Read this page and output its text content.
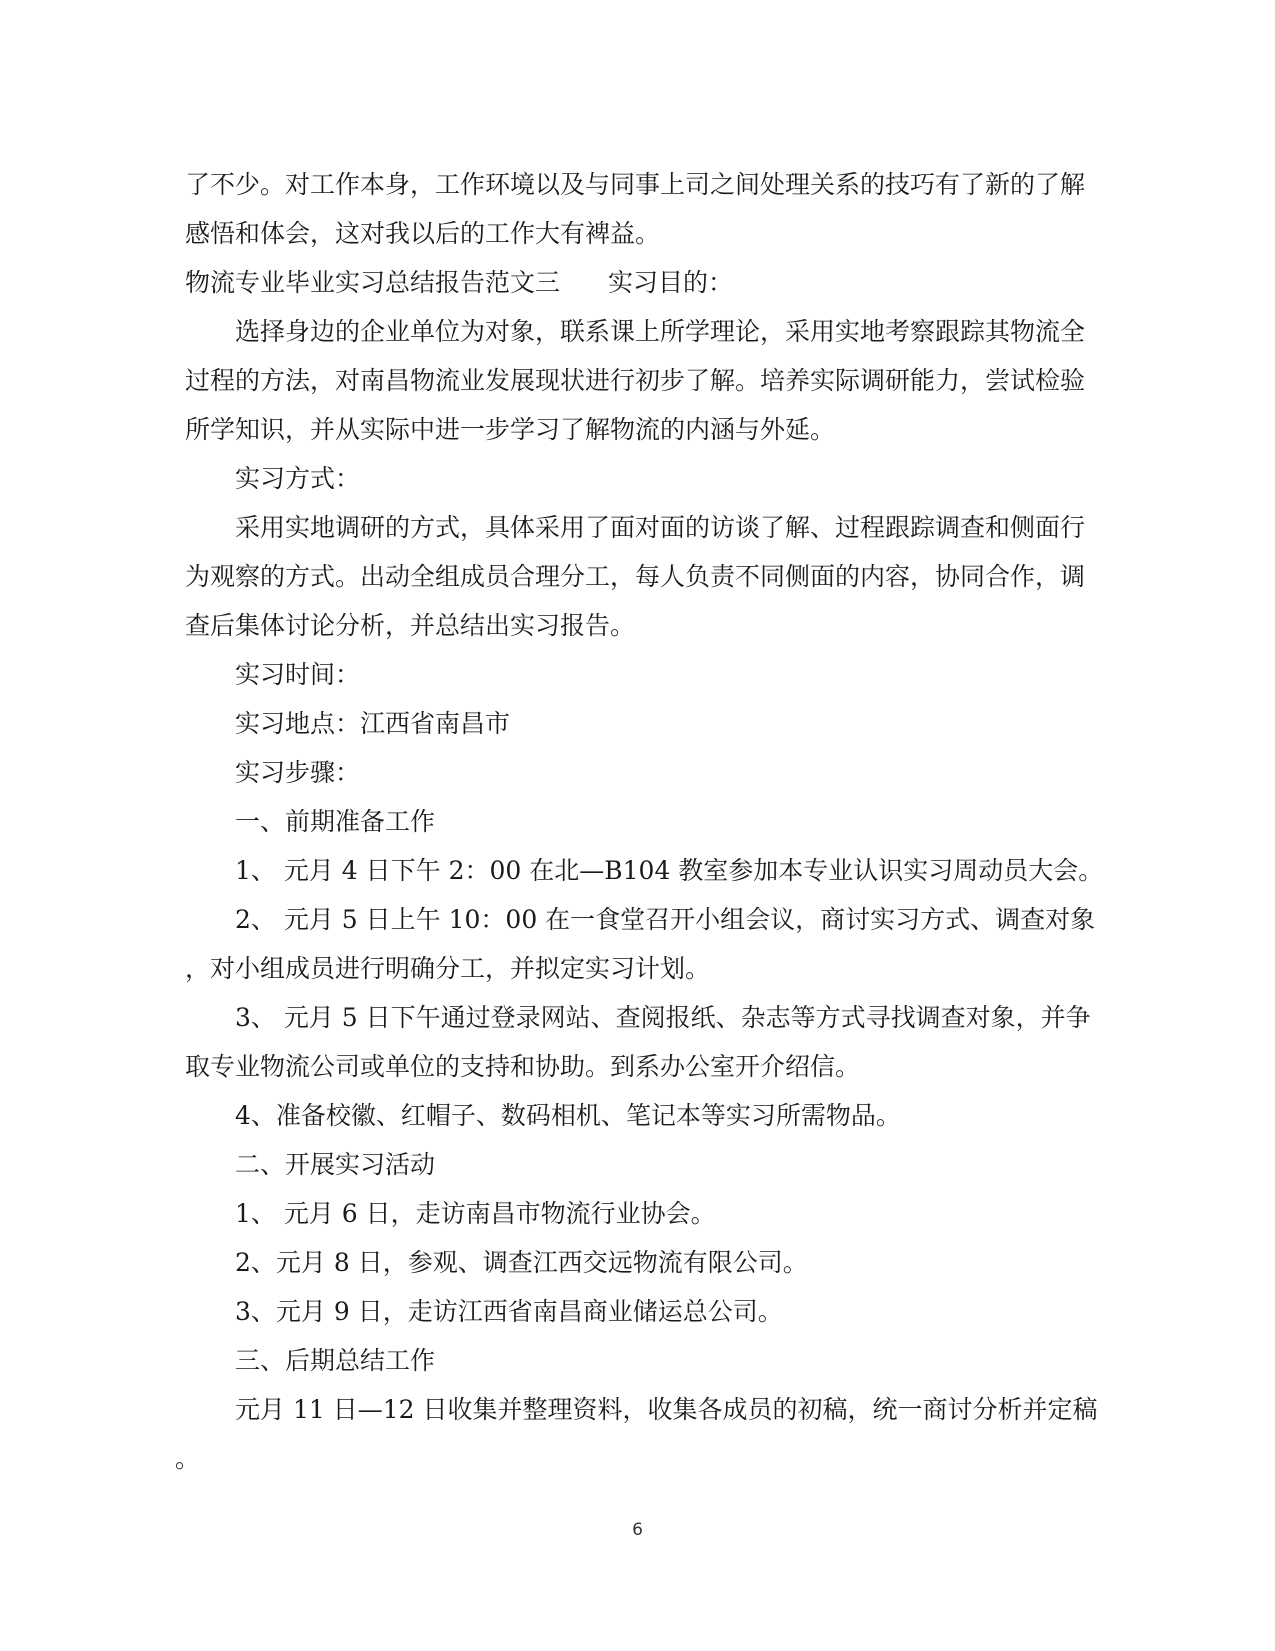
了不少。对工作本身，工作环境以及与同事上司之间处理关系的技巧有了新的了解
感悟和体会，这对我以后的工作大有裨益。
物流专业毕业实习总结报告范文三 实习目的：
选择身边的企业单位为对象，联系课上所学理论，采用实地考察跟踪其物流全
过程的方法，对南昌物流业发展现状进行初步了解。培养实际调研能力，尝试检验
所学知识，并从实际中进一步学习了解物流的内涵与外延。
实习方式：
采用实地调研的方式，具体采用了面对面的访谈了解、过程跟踪调查和侧面行
为观察的方式。出动全组成员合理分工，每人负责不同侧面的内容，协同合作，调
查后集体讨论分析，并总结出实习报告。
实习时间：
实习地点：江西省南昌市
实习步骤：
一、前期准备工作
1、 元月 4 日下午 2：00 在北—B104 教室参加本专业认识实习周动员大会。
2、 元月 5 日上午 10：00 在一食堂召开小组会议，商讨实习方式、调查对象
，对小组成员进行明确分工，并拟定实习计划。
3、 元月 5 日下午通过登录网站、查阅报纸、杂志等方式寻找调查对象，并争
取专业物流公司或单位的支持和协助。到系办公室开介绍信。
4、准备校徽、红帽子、数码相机、笔记本等实习所需物品。
二、开展实习活动
1、 元月 6 日，走访南昌市物流行业协会。
2、元月 8 日，参观、调查江西交远物流有限公司。
3、元月 9 日，走访江西省南昌商业储运总公司。
三、后期总结工作
元月 11 日—12 日收集并整理资料，收集各成员的初稿，统一商讨分析并定稿
。
6
